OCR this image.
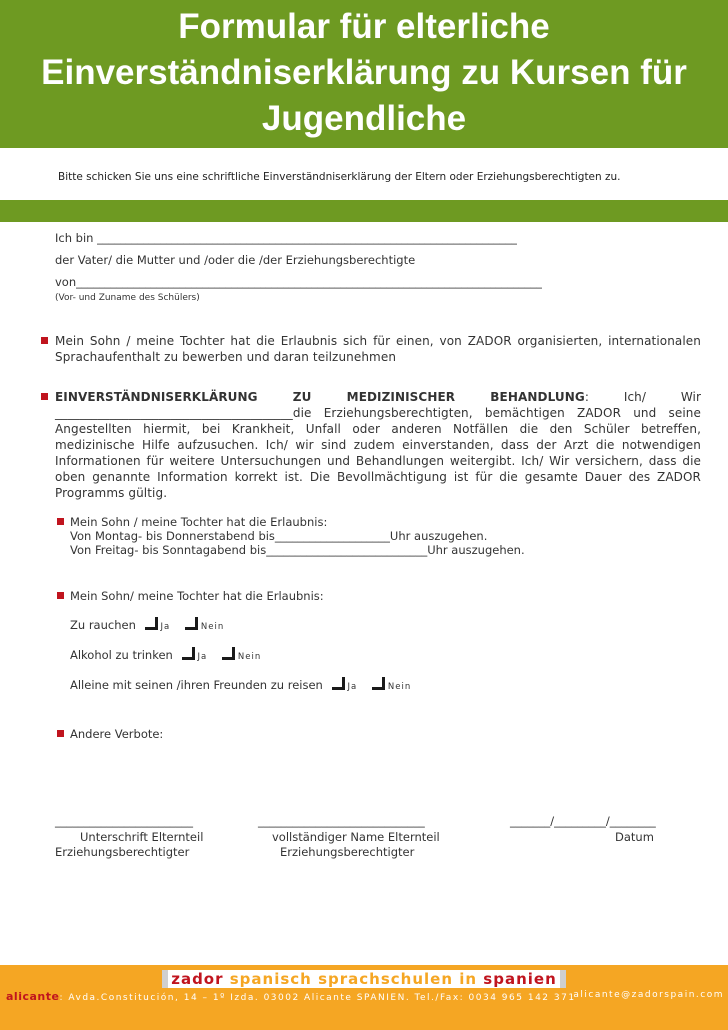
Formular für elterliche
Einverständniserklärung zu Kursen für
Jugendliche

Bitte schicken Sie uns eine schriftliche Einverständniserklärung der Eltern oder Erziehungsberechtigten zu.

Ich bin _________________________________________________________________________

der Vater/ die Mutter und /oder die /der Erziehungsberechtigte

von_________________________________________________________________________________

(Vor- und Zuname des Schülers)

Mein Sohn / meine Tochter hat die Erlaubnis sich für einen, von ZADOR organisierten, internationalen Sprachaufenthalt zu bewerben und daran teilzunehmen

EINVERSTÄNDNISERKLÄRUNG ZU MEDIZINISCHER BEHANDLUNG: Ich/ Wir _______________________________________die Erziehungsberechtigten, bemächtigen ZADOR und seine Angestellten hiermit, bei Krankheit, Unfall oder anderen Notfällen die den Schüler betreffen, medizinische Hilfe aufzusuchen. Ich/ wir sind zudem einverstanden, dass der Arzt die notwendigen Informationen für weitere Untersuchungen und Behandlungen weitergibt. Ich/ Wir versichern, dass die oben genannte Information korrekt ist. Die Bevollmächtigung ist für die gesamte Dauer des ZADOR Programms gültig.

Mein Sohn / meine Tochter hat die Erlaubnis:

Von Montag- bis Donnerstabend bis____________________Uhr auszugehen.

Von Freitag- bis Sonntagabend bis____________________________Uhr auszugehen.

Mein Sohn/ meine Tochter hat die Erlaubnis:

Zu rauchen	Ja	Nein

Alkohol zu trinken	Ja	Nein

Alleine mit seinen /ihren Freunden zu reisen	Ja	Nein

Andere Verbote:

________________________	_____________________________	_______/_________/________

Unterschrift Elternteil

Erziehungsberechtigter

vollständiger Name Elternteil

Erziehungsberechtigter

Datum

zador spanisch sprachschulen in spanien
alicante: Avda.Constitución, 14 – 1º Izda. 03002 Alicante SPANIEN. Tel./Fax: 0034 965 142 371
alicante@zadorspain.com
